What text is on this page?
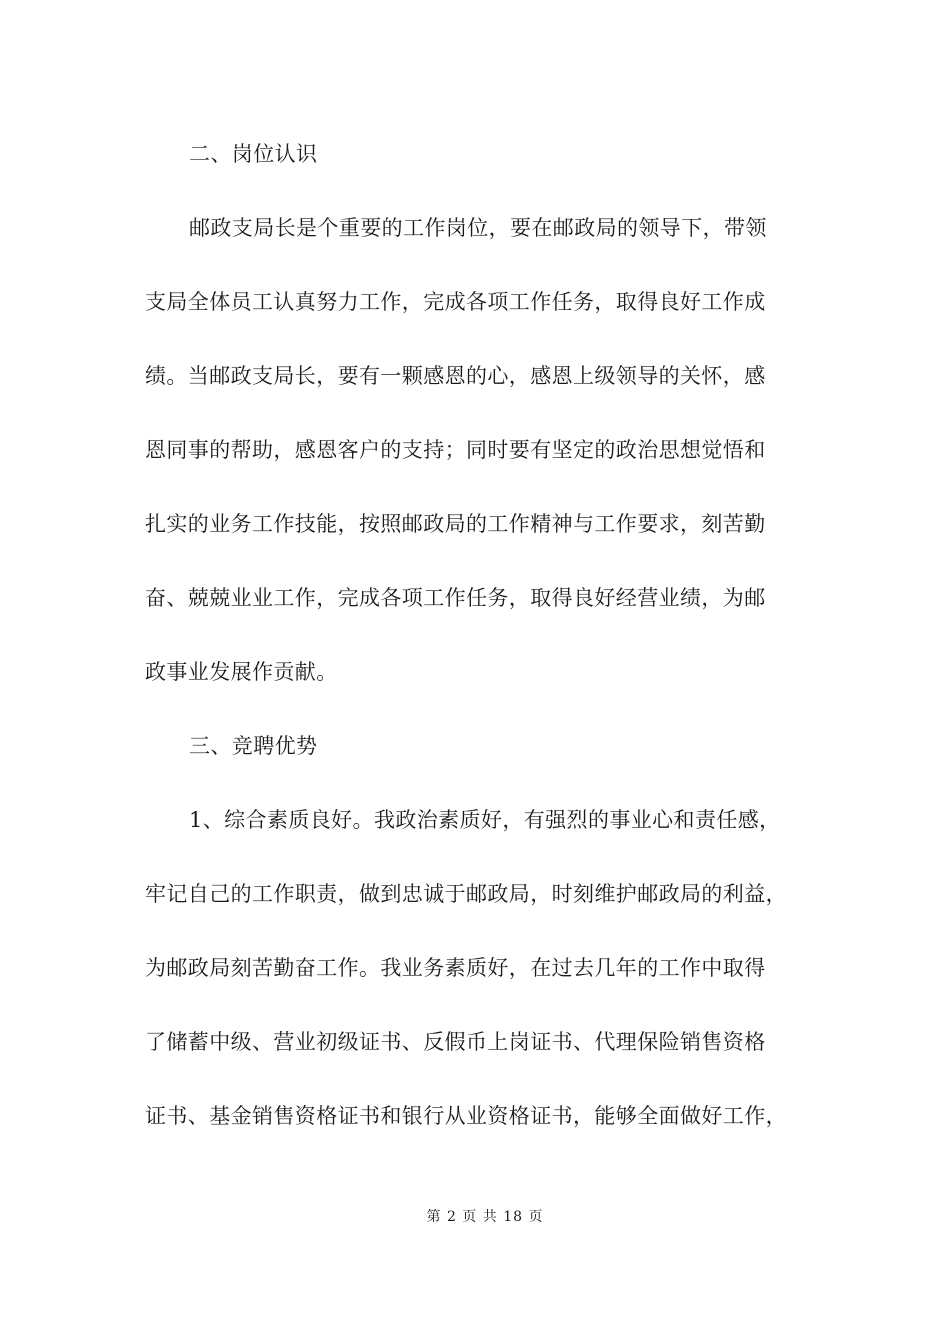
二、岗位认识
邮政支局长是个重要的工作岗位，要在邮政局的领导下，带领
支局全体员工认真努力工作，完成各项工作任务，取得良好工作成
绩。当邮政支局长，要有一颗感恩的心，感恩上级领导的关怀，感
恩同事的帮助，感恩客户的支持；同时要有坚定的政治思想觉悟和
扎实的业务工作技能，按照邮政局的工作精神与工作要求，刻苦勤
奋、兢兢业业工作，完成各项工作任务，取得良好经营业绩，为邮
政事业发展作贡献。
三、竞聘优势
1、综合素质良好。我政治素质好，有强烈的事业心和责任感，
牢记自己的工作职责，做到忠诚于邮政局，时刻维护邮政局的利益，
为邮政局刻苦勤奋工作。我业务素质好，在过去几年的工作中取得
了储蓄中级、营业初级证书、反假币上岗证书、代理保险销售资格
证书、基金销售资格证书和银行从业资格证书，能够全面做好工作，
第 2 页 共 18 页
